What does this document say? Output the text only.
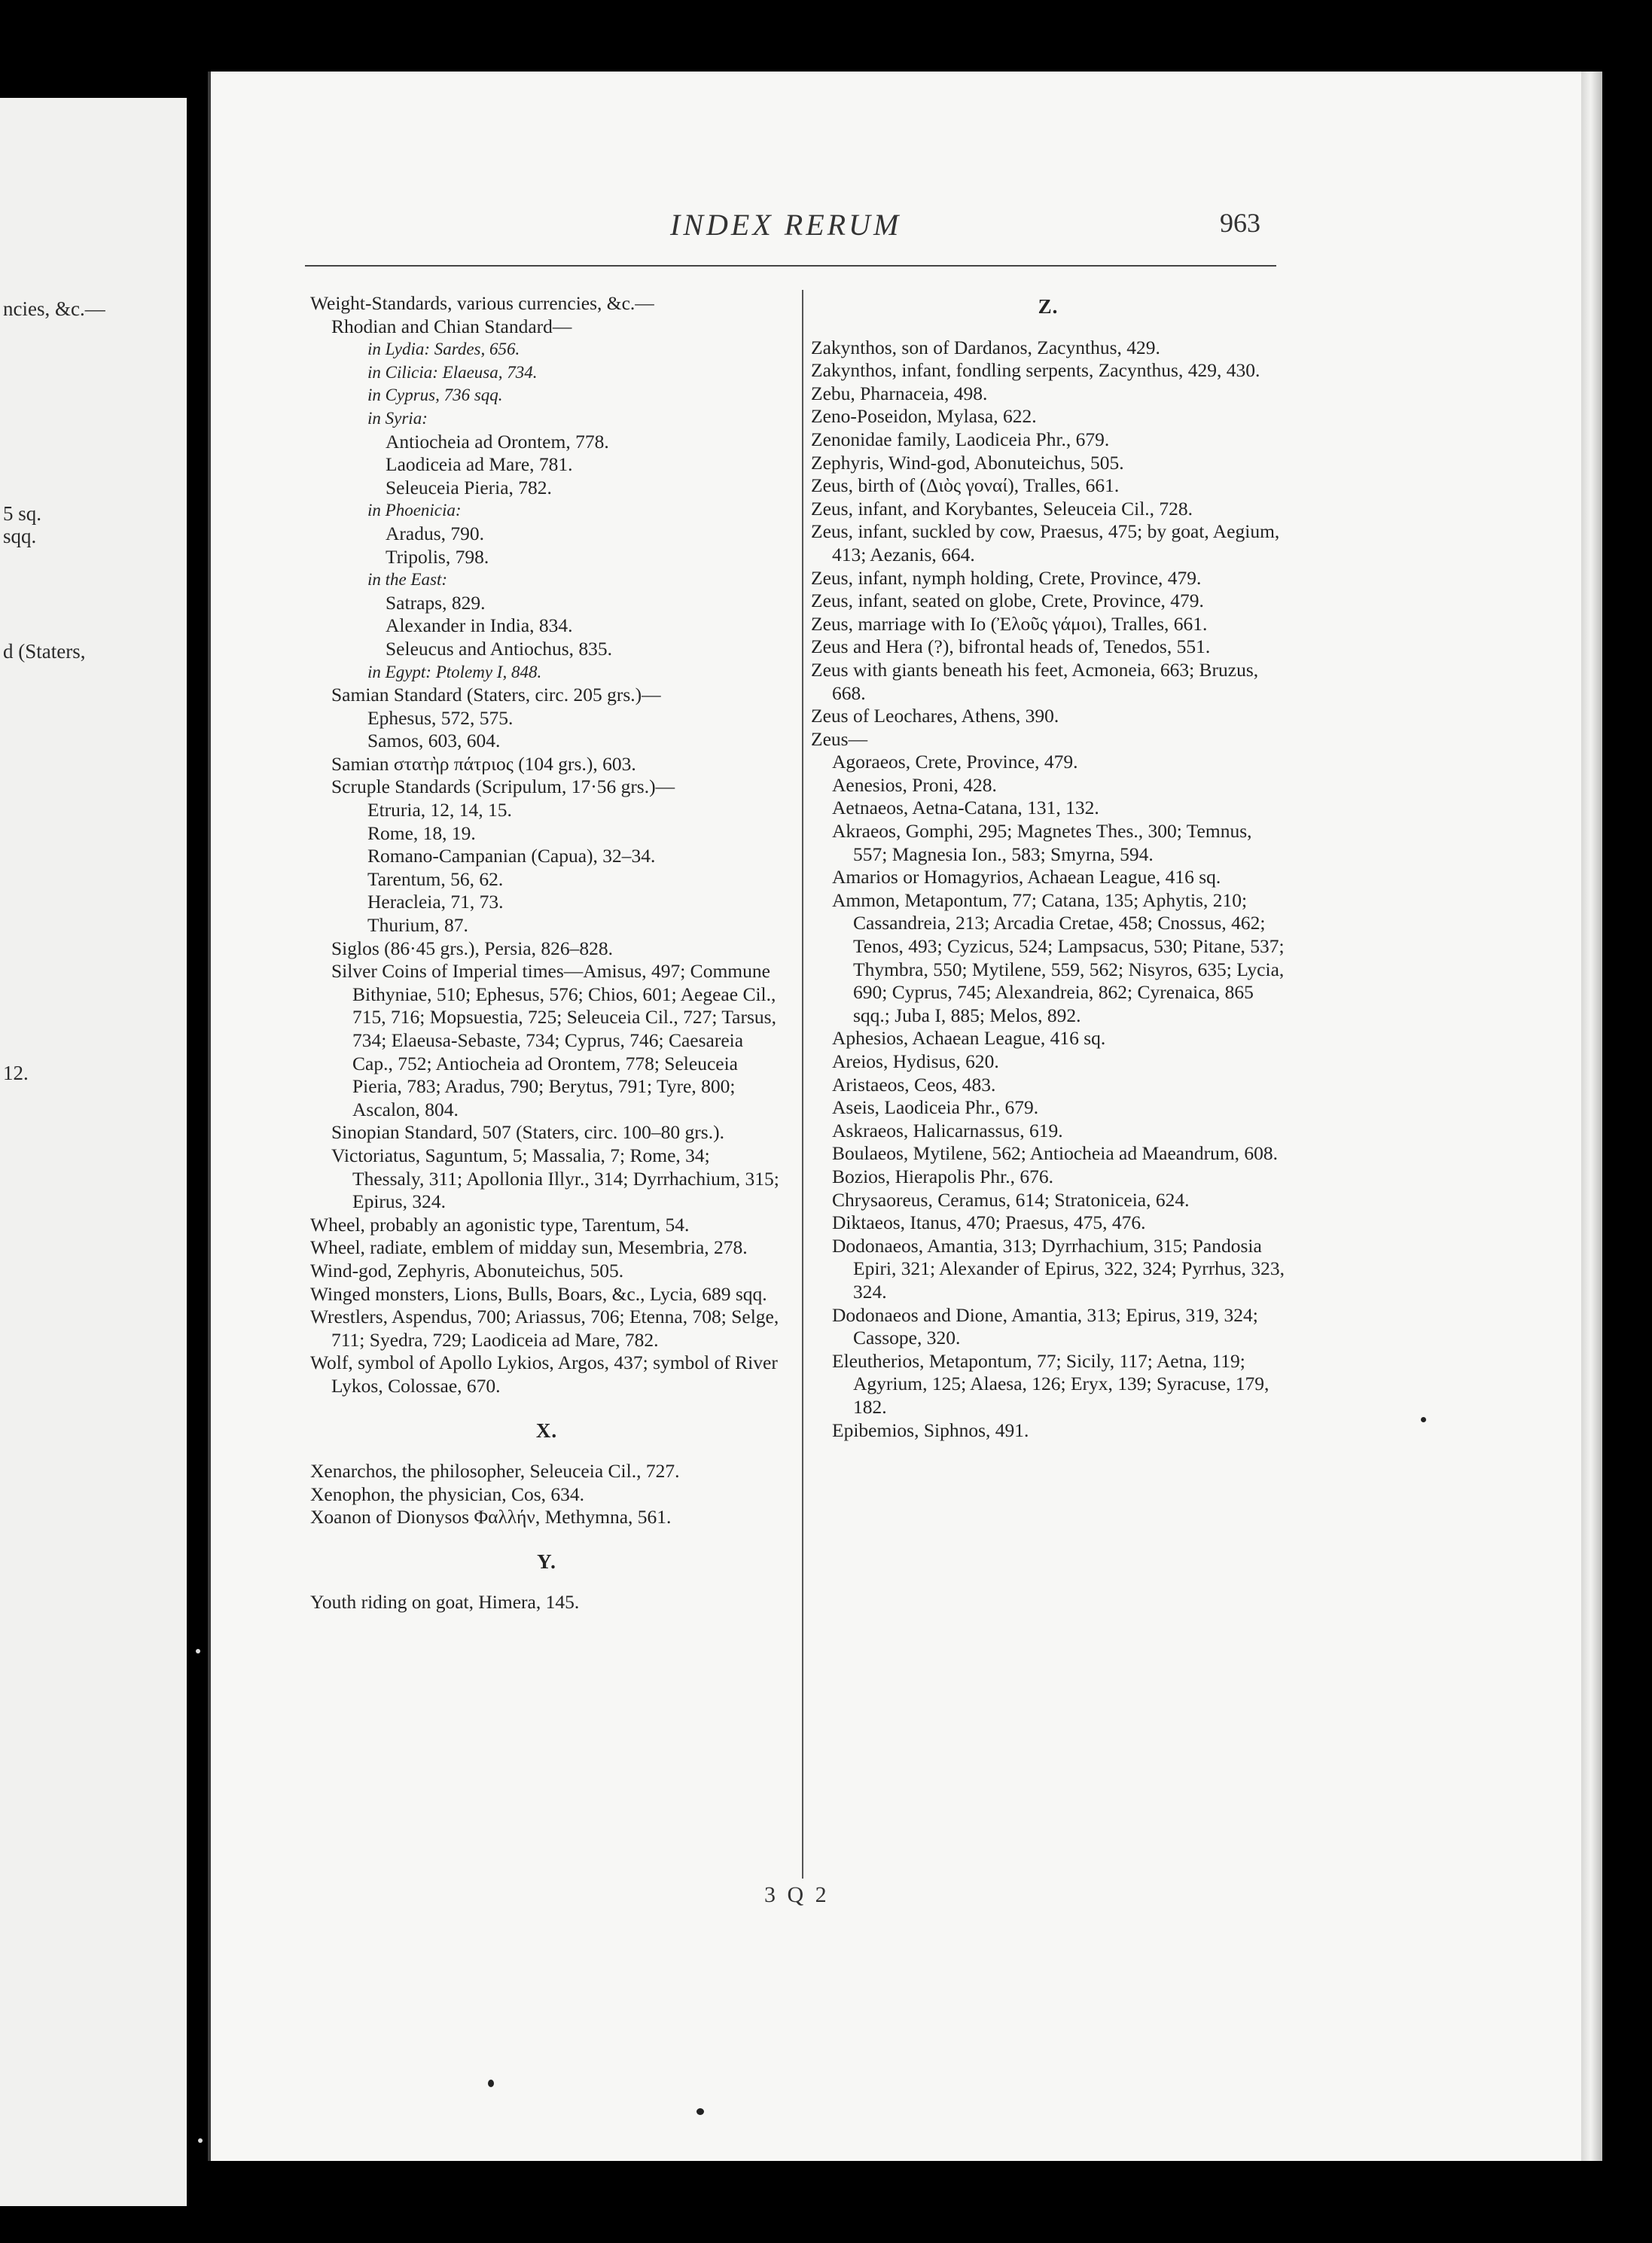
ncies, &c.—
5 sq.
sqq.
d (Staters,
12.
INDEX RERUM	963

Weight-Standards, various currencies, &c.—

Rhodian and Chian Standard—

in Lydia: Sardes, 656.

in Cilicia: Elaeusa, 734.

in Cyprus, 736 sqq.

in Syria:

Antiocheia ad Orontem, 778.

Laodiceia ad Mare, 781.

Seleuceia Pieria, 782.

in Phoenicia:

Aradus, 790.

Tripolis, 798.

in the East:

Satraps, 829.

Alexander in India, 834.

Seleucus and Antiochus, 835.

in Egypt: Ptolemy I, 848.

Samian Standard (Staters, circ. 205 grs.)—

Ephesus, 572, 575.

Samos, 603, 604.

Samian στατὴρ πάτριος (104 grs.), 603.

Scruple Standards (Scripulum, 17·56 grs.)—

Etruria, 12, 14, 15.

Rome, 18, 19.

Romano-Campanian (Capua), 32–34.

Tarentum, 56, 62.

Heracleia, 71, 73.

Thurium, 87.

Siglos (86·45 grs.), Persia, 826–828.

Silver Coins of Imperial times—Amisus, 497; Commune Bithyniae, 510; Ephesus, 576; Chios, 601; Aegeae Cil., 715, 716; Mopsuestia, 725; Seleuceia Cil., 727; Tarsus, 734; Elaeusa-Sebaste, 734; Cyprus, 746; Caesareia Cap., 752; Antiocheia ad Orontem, 778; Seleuceia Pieria, 783; Aradus, 790; Berytus, 791; Tyre, 800; Ascalon, 804.

Sinopian Standard, 507 (Staters, circ. 100–80 grs.).

Victoriatus, Saguntum, 5; Massalia, 7; Rome, 34; Thessaly, 311; Apollonia Illyr., 314; Dyrrhachium, 315; Epirus, 324.

Wheel, probably an agonistic type, Tarentum, 54.

Wheel, radiate, emblem of midday sun, Mesembria, 278.

Wind-god, Zephyris, Abonuteichus, 505.

Winged monsters, Lions, Bulls, Boars, &c., Lycia, 689 sqq.

Wrestlers, Aspendus, 700; Ariassus, 706; Etenna, 708; Selge, 711; Syedra, 729; Laodiceia ad Mare, 782.

Wolf, symbol of Apollo Lykios, Argos, 437; symbol of River Lykos, Colossae, 670.

X.

Xenarchos, the philosopher, Seleuceia Cil., 727.

Xenophon, the physician, Cos, 634.

Xoanon of Dionysos Φαλλήν, Methymna, 561.

Y.

Youth riding on goat, Himera, 145.

Z.

Zakynthos, son of Dardanos, Zacynthus, 429.

Zakynthos, infant, fondling serpents, Zacynthus, 429, 430.

Zebu, Pharnaceia, 498.

Zeno-Poseidon, Mylasa, 622.

Zenonidae family, Laodiceia Phr., 679.

Zephyris, Wind-god, Abonuteichus, 505.

Zeus, birth of (Διὸς γοναί), Tralles, 661.

Zeus, infant, and Korybantes, Seleuceia Cil., 728.

Zeus, infant, suckled by cow, Praesus, 475; by goat, Aegium, 413; Aezanis, 664.

Zeus, infant, nymph holding, Crete, Province, 479.

Zeus, infant, seated on globe, Crete, Province, 479.

Zeus, marriage with Io (Ἐλοῦς γάμοι), Tralles, 661.

Zeus and Hera (?), bifrontal heads of, Tenedos, 551.

Zeus with giants beneath his feet, Acmoneia, 663; Bruzus, 668.

Zeus of Leochares, Athens, 390.

Zeus—

Agoraeos, Crete, Province, 479.

Aenesios, Proni, 428.

Aetnaeos, Aetna-Catana, 131, 132.

Akraeos, Gomphi, 295; Magnetes Thes., 300; Temnus, 557; Magnesia Ion., 583; Smyrna, 594.

Amarios or Homagyrios, Achaean League, 416 sq.

Ammon, Metapontum, 77; Catana, 135; Aphytis, 210; Cassandreia, 213; Arcadia Cretae, 458; Cnossus, 462; Tenos, 493; Cyzicus, 524; Lampsacus, 530; Pitane, 537; Thymbra, 550; Mytilene, 559, 562; Nisyros, 635; Lycia, 690; Cyprus, 745; Alexandreia, 862; Cyrenaica, 865 sqq.; Juba I, 885; Melos, 892.

Aphesios, Achaean League, 416 sq.

Areios, Hydisus, 620.

Aristaeos, Ceos, 483.

Aseis, Laodiceia Phr., 679.

Askraeos, Halicarnassus, 619.

Boulaeos, Mytilene, 562; Antiocheia ad Maeandrum, 608.

Bozios, Hierapolis Phr., 676.

Chrysaoreus, Ceramus, 614; Stratoniceia, 624.

Diktaeos, Itanus, 470; Praesus, 475, 476.

Dodonaeos, Amantia, 313; Dyrrhachium, 315; Pandosia Epiri, 321; Alexander of Epirus, 322, 324; Pyrrhus, 323, 324.

Dodonaeos and Dione, Amantia, 313; Epirus, 319, 324; Cassope, 320.

Eleutherios, Metapontum, 77; Sicily, 117; Aetna, 119; Agyrium, 125; Alaesa, 126; Eryx, 139; Syracuse, 179, 182.

Epibemios, Siphnos, 491.

3 Q 2
